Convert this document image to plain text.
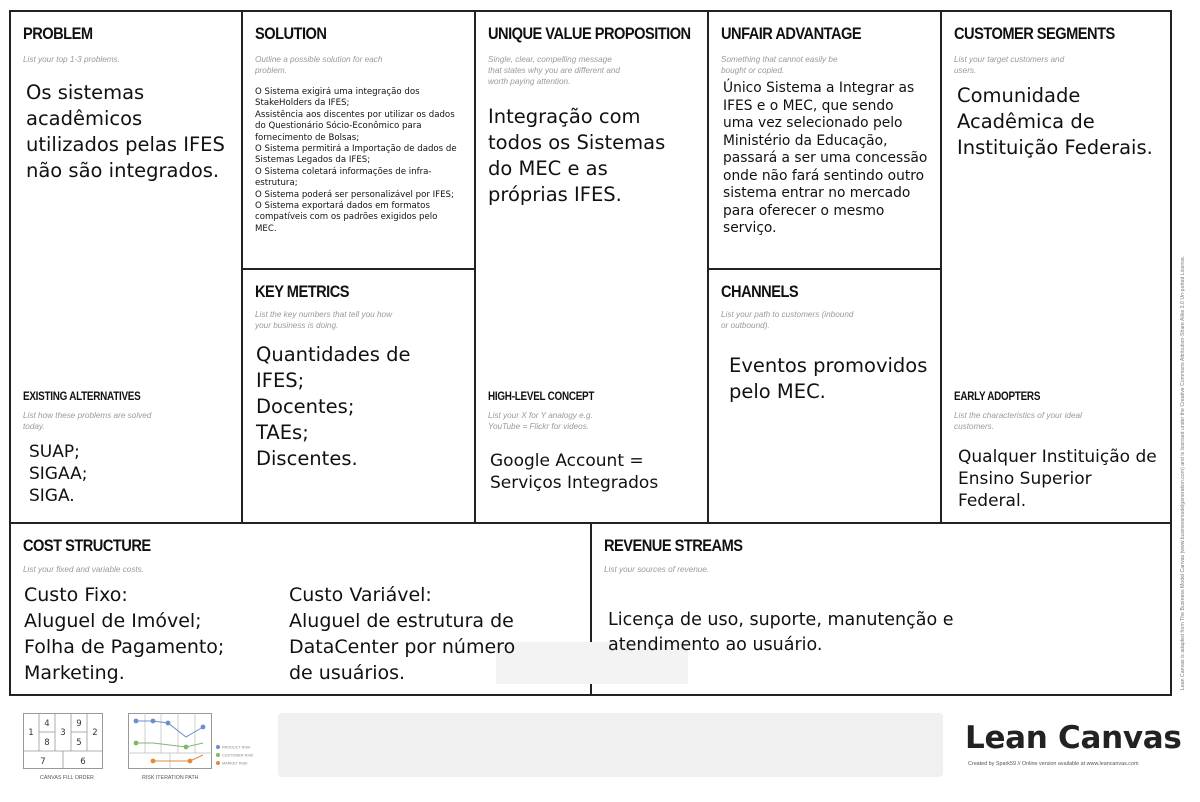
PROBLEM
List your top 1-3 problems.
Os sistemas acadêmicos utilizados pelas IFES não são integrados.
EXISTING ALTERNATIVES
List how these problems are solved today.
SUAP;
SIGAA;
SIGA.
SOLUTION
Outline a possible solution for each problem.
O Sistema exigirá uma integração dos StakeHolders da IFES;
Assistência aos discentes por utilizar os dados do Questionário Sócio-Econômico para fornecimento de Bolsas;
O Sistema permitirá a Importação de dados de Sistemas Legados da IFES;
O Sistema coletará informações de infra-estrutura;
O Sistema poderá ser personalizável por IFES;
O Sistema exportará dados em formatos compatíveis com os padrões exigidos pelo MEC.
KEY METRICS
List the key numbers that tell you how your business is doing.
Quantidades de IFES;
Docentes;
TAEs;
Discentes.
UNIQUE VALUE PROPOSITION
Single, clear, compelling message that states why you are different and worth paying attention.
Integração com todos os Sistemas do MEC e as próprias IFES.
HIGH-LEVEL CONCEPT
List your X for Y analogy e.g. YouTube = Flickr for videos.
Google Account =
Serviços Integrados
UNFAIR ADVANTAGE
Something that cannot easily be bought or copied.
Único Sistema a Integrar as IFES e o MEC, que sendo uma vez selecionado pelo Ministério da Educação, passará a ser uma concessão onde não fará sentindo outro sistema entrar no mercado para oferecer o mesmo serviço.
CHANNELS
List your path to customers (inbound or outbound).
Eventos promovidos pelo MEC.
CUSTOMER SEGMENTS
List your target customers and users.
Comunidade Acadêmica de Instituição Federais.
EARLY ADOPTERS
List the characteristics of your ideal customers.
Qualquer Instituição de Ensino Superior Federal.
COST STRUCTURE
List your fixed and variable costs.
Custo Fixo:
Aluguel de Imóvel;
Folha de Pagamento;
Marketing.
Custo Variável:
Aluguel de estrutura de
DataCenter por número
de usuários.
REVENUE STREAMS
List your sources of revenue.
Licença de uso, suporte, manutenção e atendimento ao usuário.
1
4
3
9
2
8	5
7	6
CANVAS FILL ORDER
PRODUCT RISK
CUSTOMER RISK
MARKET RISK
RISK ITERATION PATH
Lean Canvas
Created by Spark59 // Online version available at www.leancanvas.com
Lean Canvas is adapted from The Business Model Canvas (www.businessmodelgeneration.com) and is licensed under the Creative Commons Attribution-Share Alike 3.0 Un-ported License.
